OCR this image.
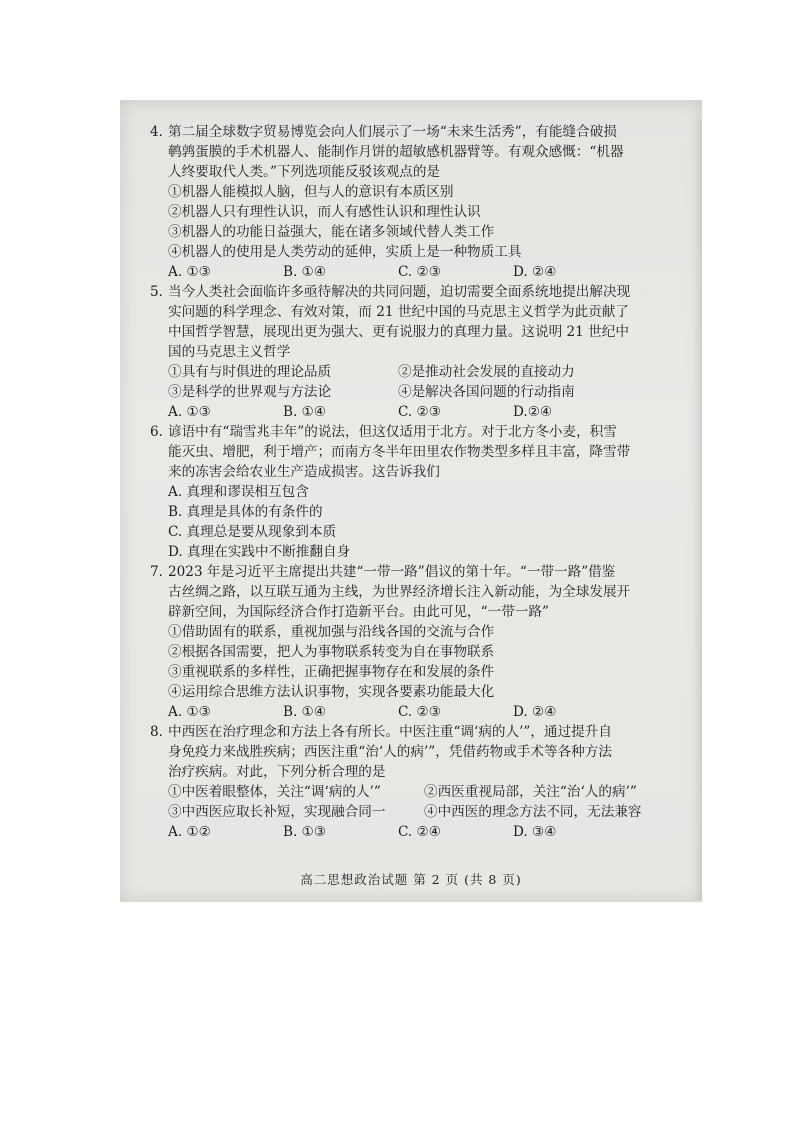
‥
4. 第二届全球数字贸易博览会向人们展示了一场“未来生活秀”，有能缝合破损
鹌鹑蛋膜的手术机器人、能制作月饼的超敏感机器臂等。有观众感慨：“机器
人终要取代人类。”下列选项能反驳该观点的是
①机器人能模拟人脑，但与人的意识有本质区别
②机器人只有理性认识，而人有感性认识和理性认识
③机器人的功能日益强大，能在诸多领域代替人类工作
④机器人的使用是人类劳动的延伸，实质上是一种物质工具
A. ①③	B. ①④	C. ②③	D. ②④
5. 当今人类社会面临许多亟待解决的共同问题，迫切需要全面系统地提出解决现
实问题的科学理念、有效对策，而 21 世纪中国的马克思主义哲学为此贡献了
中国哲学智慧，展现出更为强大、更有说服力的真理力量。这说明 21 世纪中
国的马克思主义哲学
①具有与时俱进的理论品质	②是推动社会发展的直接动力
③是科学的世界观与方法论	④是解决各国问题的行动指南
A. ①③	B. ①④	C. ②③	D.②④
6. 谚语中有“瑞雪兆丰年”的说法，但这仅适用于北方。对于北方冬小麦，积雪
能灭虫、增肥，利于增产；而南方冬半年田里农作物类型多样且丰富，降雪带
来的冻害会给农业生产造成损害。这告诉我们
A. 真理和谬误相互包含
B. 真理是具体的有条件的
C. 真理总是要从现象到本质
D. 真理在实践中不断推翻自身
7. 2023 年是习近平主席提出共建“一带一路”倡议的第十年。“一带一路”借鉴
古丝绸之路，以互联互通为主线，为世界经济增长注入新动能，为全球发展开
辟新空间，为国际经济合作打造新平台。由此可见，“一带一路”
①借助固有的联系，重视加强与沿线各国的交流与合作
②根据各国需要，把人为事物联系转变为自在事物联系
③重视联系的多样性，正确把握事物存在和发展的条件
④运用综合思维方法认识事物，实现各要素功能最大化
A. ①③	B. ①④	C. ②③	D. ②④
8. 中西医在治疗理念和方法上各有所长。中医注重“调‘病的人’”，通过提升自
身免疫力来战胜疾病；西医注重“治‘人的病’”，凭借药物或手术等各种方法
治疗疾病。对此，下列分析合理的是
①中医着眼整体，关注“调‘病的人’”	②西医重视局部，关注“治‘人的病’”
③中西医应取长补短，实现融合同一	④中西医的理念方法不同，无法兼容
A. ①②	B. ①③	C. ②④	D. ③④
高二思想政治试题 第 2 页 (共 8 页)
